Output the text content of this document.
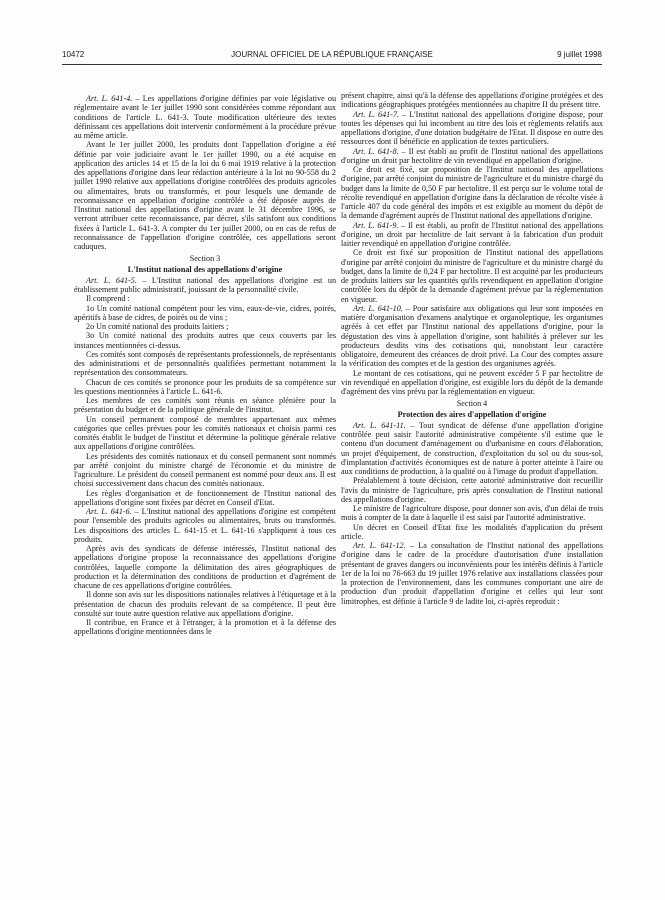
10472	JOURNAL OFFICIEL DE LA RÉPUBLIQUE FRANÇAISE	9 juillet 1998

Art. L. 641-4. – Les appellations d'origine définies par voie législative ou réglementaire avant le 1er juillet 1990 sont considérées comme répondant aux conditions de l'article L. 641-3. Toute modification ultérieure des textes définissant ces appellations doit intervenir conformément à la procédure prévue au même article.

Avant le 1er juillet 2000, les produits dont l'appellation d'origine a été définie par voie judiciaire avant le 1er juillet 1990, ou a été acquise en application des articles 14 et 15 de la loi du 6 mai 1919 relative à la protection des appellations d'origine dans leur rédaction antérieure à la loi no 90-558 du 2 juillet 1990 relative aux appellations d'origine contrôlées des produits agricoles ou alimentaires, bruts ou transformés, et pour lesquels une demande de reconnaissance en appellation d'origine contrôlée a été déposée auprès de l'Institut national des appellations d'origine avant le 31 décembre 1996, se verront attribuer cette reconnaissance, par décret, s'ils satisfont aux conditions fixées à l'article L. 641-3. A compter du 1er juillet 2000, ou en cas de refus de reconnaissance de l'appellation d'origine contrôlée, ces appellations seront caduques.

Section 3

L'Institut national des appellations d'origine

Art. L. 641-5. – L'Institut national des appellations d'origine est un établissement public administratif, jouissant de la personnalité civile.

Il comprend :

1o Un comité national compétent pour les vins, eaux-de-vie, cidres, poirés, apéritifs à base de cidres, de poirés ou de vins ;

2o Un comité national des produits laitiers ;

3o Un comité national des produits autres que ceux couverts par les instances mentionnées ci-dessus.

Ces comités sont composés de représentants professionnels, de représentants des administrations et de personnalités qualifiées permettant notamment la représentation des consommateurs.

Chacun de ces comités se prononce pour les produits de sa compétence sur les questions mentionnées à l'article L. 641-6.

Les membres de ces comités sont réunis en séance plénière pour la présentation du budget et de la politique générale de l'institut.

Un conseil permanent composé de membres appartenant aux mêmes catégories que celles prévues pour les comités nationaux et choisis parmi ces comités établit le budget de l'institut et détermine la politique générale relative aux appellations d'origine contrôlées.

Les présidents des comités nationaux et du conseil permanent sont nommés par arrêté conjoint du ministre chargé de l'économie et du ministre de l'agriculture. Le président du conseil permanent est nommé pour deux ans. Il est choisi successivement dans chacun des comités nationaux.

Les règles d'organisation et de fonctionnement de l'Institut national des appellations d'origine sont fixées par décret en Conseil d'Etat.

Art. L. 641-6. – L'Institut national des appellations d'origine est compétent pour l'ensemble des produits agricoles ou alimentaires, bruts ou transformés. Les dispositions des articles L. 641-15 et L. 641-16 s'appliquent à tous ces produits.

Après avis des syndicats de défense intéressés, l'Institut national des appellations d'origine propose la reconnaissance des appellations d'origine contrôlées, laquelle comporte la délimitation des aires géographiques de production et la détermination des conditions de production et d'agrément de chacune de ces appellations d'origine contrôlées.

Il donne son avis sur les dispositions nationales relatives à l'étiquetage et à la présentation de chacun des produits relevant de sa compétence. Il peut être consulté sur toute autre question relative aux appellations d'origine.

Il contribue, en France et à l'étranger, à la promotion et à la défense des appellations d'origine mentionnées dans le

présent chapitre, ainsi qu'à la défense des appellations d'origine protégées et des indications géographiques protégées mentionnées au chapitre II du présent titre.

Art. L. 641-7. – L'Institut national des appellations d'origine dispose, pour toutes les dépenses qui lui incombent au titre des lois et règlements relatifs aux appellations d'origine, d'une dotation budgétaire de l'Etat. Il dispose en outre des ressources dont il bénéficie en application de textes particuliers.

Art. L. 641-8. – Il est établi au profit de l'Institut national des appellations d'origine un droit par hectolitre de vin revendiqué en appellation d'origine.

Ce droit est fixé, sur proposition de l'Institut national des appellations d'origine, par arrêté conjoint du ministre de l'agriculture et du ministre chargé du budget dans la limite de 0,50 F par hectolitre. Il est perçu sur le volume total de récolte revendiqué en appellation d'origine dans la déclaration de récolte visée à l'article 407 du code général des impôts et est exigible au moment du dépôt de la demande d'agrément auprès de l'Institut national des appellations d'origine.

Art. L. 641-9. – Il est établi, au profit de l'Institut national des appellations d'origine, un droit par hectolitre de lait servant à la fabrication d'un produit laitier revendiqué en appellation d'origine contrôlée.

Ce droit est fixé sur proposition de l'Institut national des appellations d'origine par arrêté conjoint du ministre de l'agriculture et du ministre chargé du budget, dans la limite de 0,24 F par hectolitre. Il est acquitté par les producteurs de produits laitiers sur les quantités qu'ils revendiquent en appellation d'origine contrôlée lors du dépôt de la demande d'agrément prévue par la réglementation en vigueur.

Art. L. 641-10. – Pour satisfaire aux obligations qui leur sont imposées en matière d'organisation d'examens analytique et organoleptique, les organismes agréés à cet effet par l'Institut national des appellations d'origine, pour la dégustation des vins à appellation d'origine, sont habilités à prélever sur les producteurs desdits vins des cotisations qui, nonobstant leur caractère obligatoire, demeurent des créances de droit privé. La Cour des comptes assure la vérification des comptes et de la gestion des organismes agréés.

Le montant de ces cotisations, qui ne peuvent excéder 5 F par hectolitre de vin revendiqué en appellation d'origine, est exigible lors du dépôt de la demande d'agrément des vins prévu par la réglementation en vigueur.

Section 4

Protection des aires d'appellation d'origine

Art. L. 641-11. – Tout syndicat de défense d'une appellation d'origine contrôlée peut saisir l'autorité administrative compétente s'il estime que le contenu d'un document d'aménagement ou d'urbanisme en cours d'élaboration, un projet d'équipement, de construction, d'exploitation du sol ou du sous-sol, d'implantation d'activités économiques est de nature à porter atteinte à l'aire ou aux conditions de production, à la qualité ou à l'image du produit d'appellation.

Préalablement à toute décision, cette autorité administrative doit recueillir l'avis du ministre de l'agriculture, pris après consultation de l'Institut national des appellations d'origine.

Le ministre de l'agriculture dispose, pour donner son avis, d'un délai de trois mois à compter de la date à laquelle il est saisi par l'autorité administrative.

Un décret en Conseil d'Etat fixe les modalités d'application du présent article.

Art. L. 641-12. – La consultation de l'Institut national des appellations d'origine dans le cadre de la procédure d'autorisation d'une installation présentant de graves dangers ou inconvénients pour les intérêts définis à l'article 1er de la loi no 76-663 du 19 juillet 1976 relative aux installations classées pour la protection de l'environnement, dans les communes comportant une aire de production d'un produit d'appellation d'origine et celles qui leur sont limitrophes, est définie à l'article 9 de ladite loi, ci-après reproduit :
